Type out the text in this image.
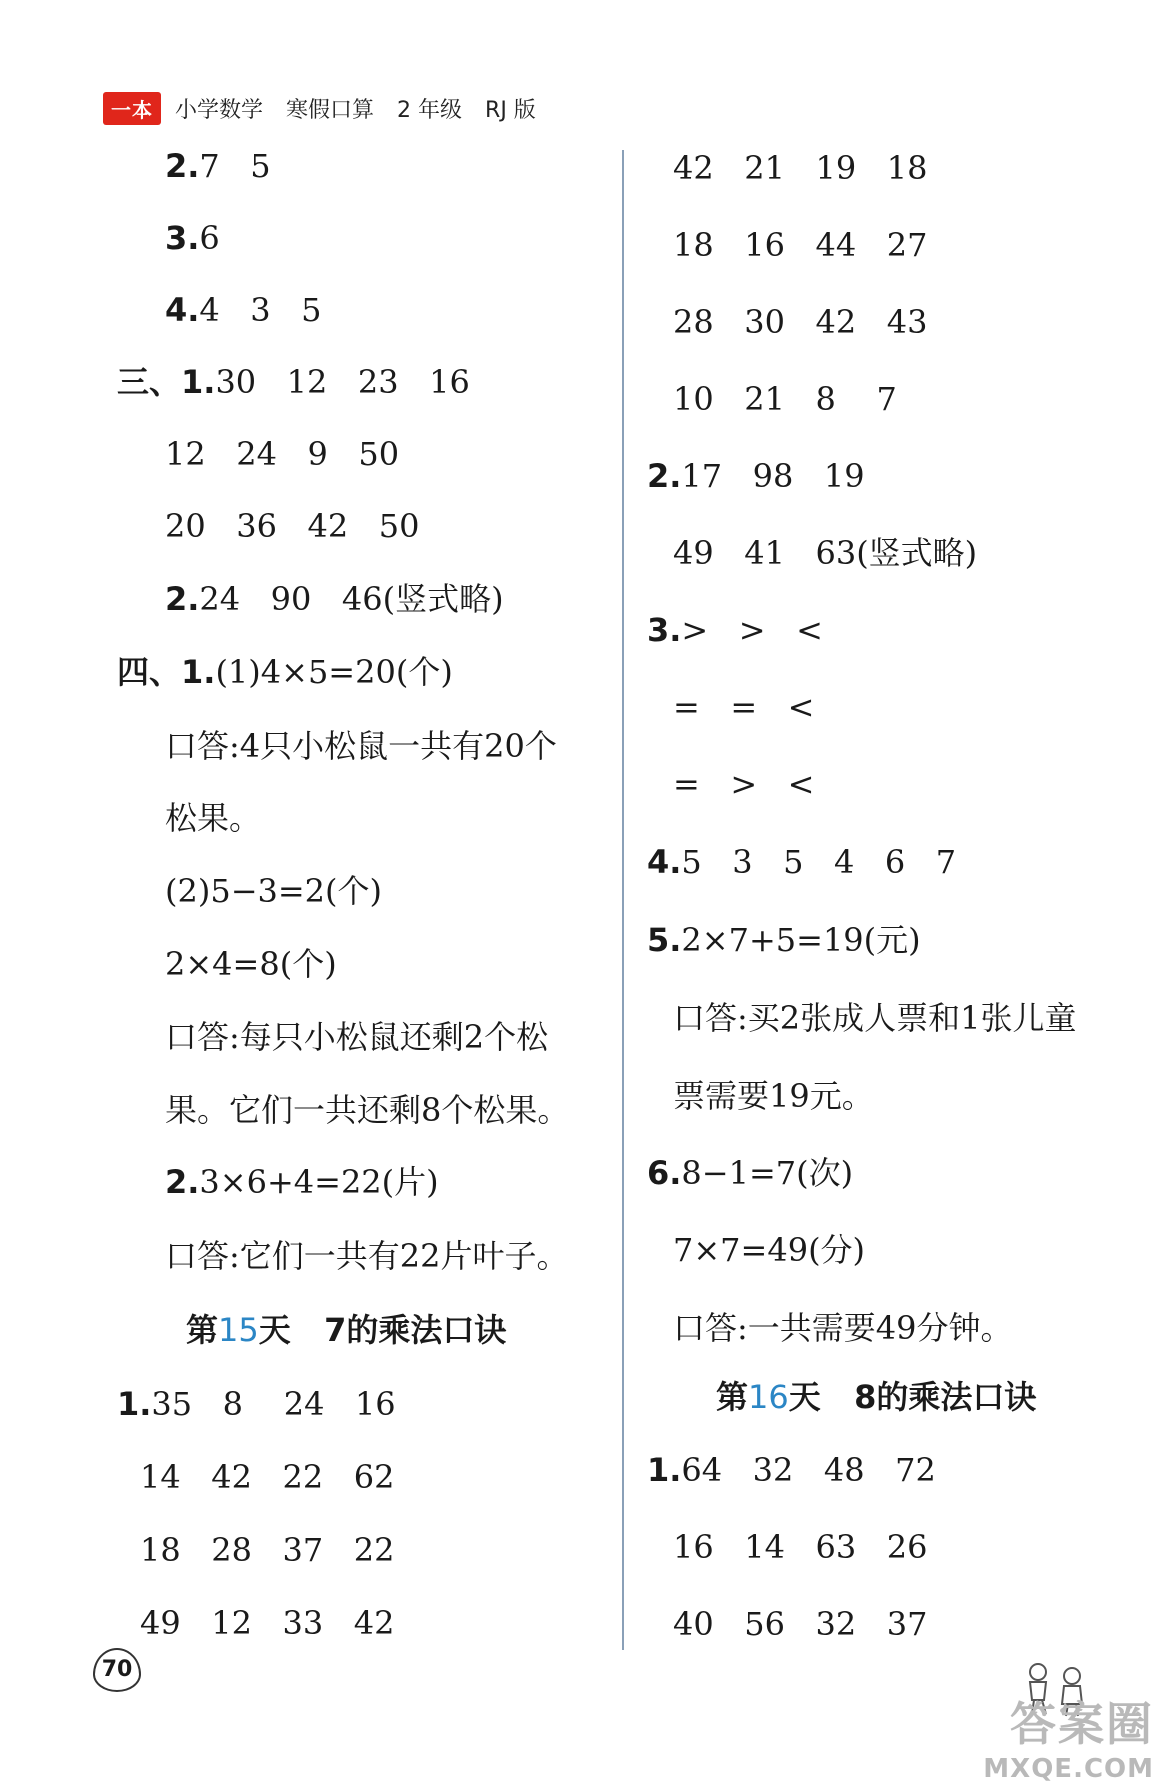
一本	小学数学 寒假口算 2 年级 RJ 版
2.7   5
3.6
4.4   3   5
三、1.30   12   23   16
12   24   9   50
20   36   42   50
2.24   90   46(竖式略)
四、1.(1)4×5=20(个)
口答:4只小松鼠一共有20个
松果。
(2)5−3=2(个)
2×4=8(个)
口答:每只小松鼠还剩2个松
果。它们一共还剩8个松果。
2.3×6+4=22(片)
口答:它们一共有22片叶子。
第15天   7的乘法口诀
1.35   8    24   16
14   42   22   62
18   28   37   22
49   12   33   42
42   21   19   18
18   16   44   27
28   30   42   43
10   21   8    7
2.17   98   19
49   41   63(竖式略)
3.>   >   <
=   =   <
=   >   <
4.5   3   5   4   6   7
5.2×7+5=19(元)
口答:买2张成人票和1张儿童
票需要19元。
6.8−1=7(次)
7×7=49(分)
口答:一共需要49分钟。
第16天   8的乘法口诀
1.64   32   48   72
16   14   63   26
40   56   32   37
70
答案圈
MXQE.COM
